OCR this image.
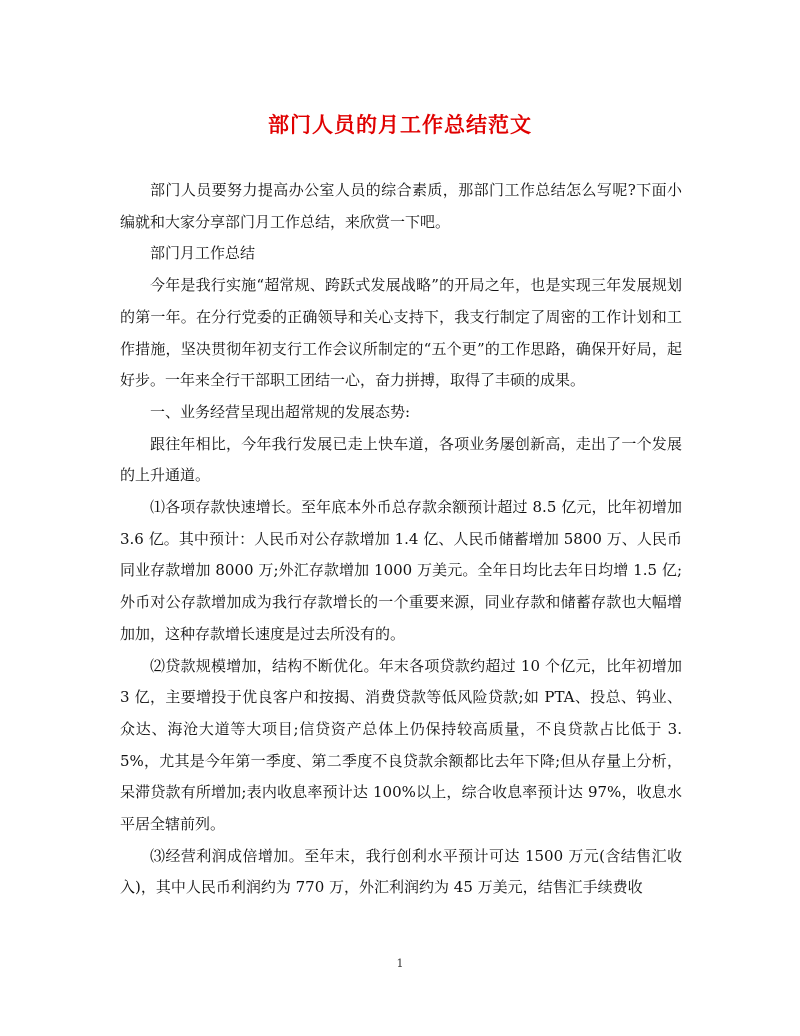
部门人员的月工作总结范文

部门人员要努力提高办公室人员的综合素质，那部门工作总结怎么写呢?下面小编就和大家分享部门月工作总结，来欣赏一下吧。

部门月工作总结

今年是我行实施“超常规、跨跃式发展战略”的开局之年，也是实现三年发展规划的第一年。在分行党委的正确领导和关心支持下，我支行制定了周密的工作计划和工作措施，坚决贯彻年初支行工作会议所制定的“五个更”的工作思路，确保开好局，起好步。一年来全行干部职工团结一心，奋力拼搏，取得了丰硕的成果。

一、业务经营呈现出超常规的发展态势:

跟往年相比，今年我行发展已走上快车道，各项业务屡创新高，走出了一个发展的上升通道。

⑴各项存款快速增长。至年底本外币总存款余额预计超过 8.5 亿元，比年初增加 3.6 亿。其中预计：人民币对公存款增加 1.4 亿、人民币储蓄增加 5800 万、人民币同业存款增加 8000 万;外汇存款增加 1000 万美元。全年日均比去年日均增 1.5 亿;外币对公存款增加成为我行存款增长的一个重要来源，同业存款和储蓄存款也大幅增加加，这种存款增长速度是过去所没有的。

⑵贷款规模增加，结构不断优化。年末各项贷款约超过 10 个亿元，比年初增加 3 亿，主要增投于优良客户和按揭、消费贷款等低风险贷款;如 PTA、投总、钨业、众达、海沧大道等大项目;信贷资产总体上仍保持较高质量，不良贷款占比低于 3.5%，尤其是今年第一季度、第二季度不良贷款余额都比去年下降;但从存量上分析，呆滞贷款有所增加;表内收息率预计达 100%以上，综合收息率预计达 97%，收息水平居全辖前列。

⑶经营利润成倍增加。至年末，我行创利水平预计可达 1500 万元(含结售汇收入)，其中人民币利润约为 770 万，外汇利润约为 45 万美元，结售汇手续费收

1
